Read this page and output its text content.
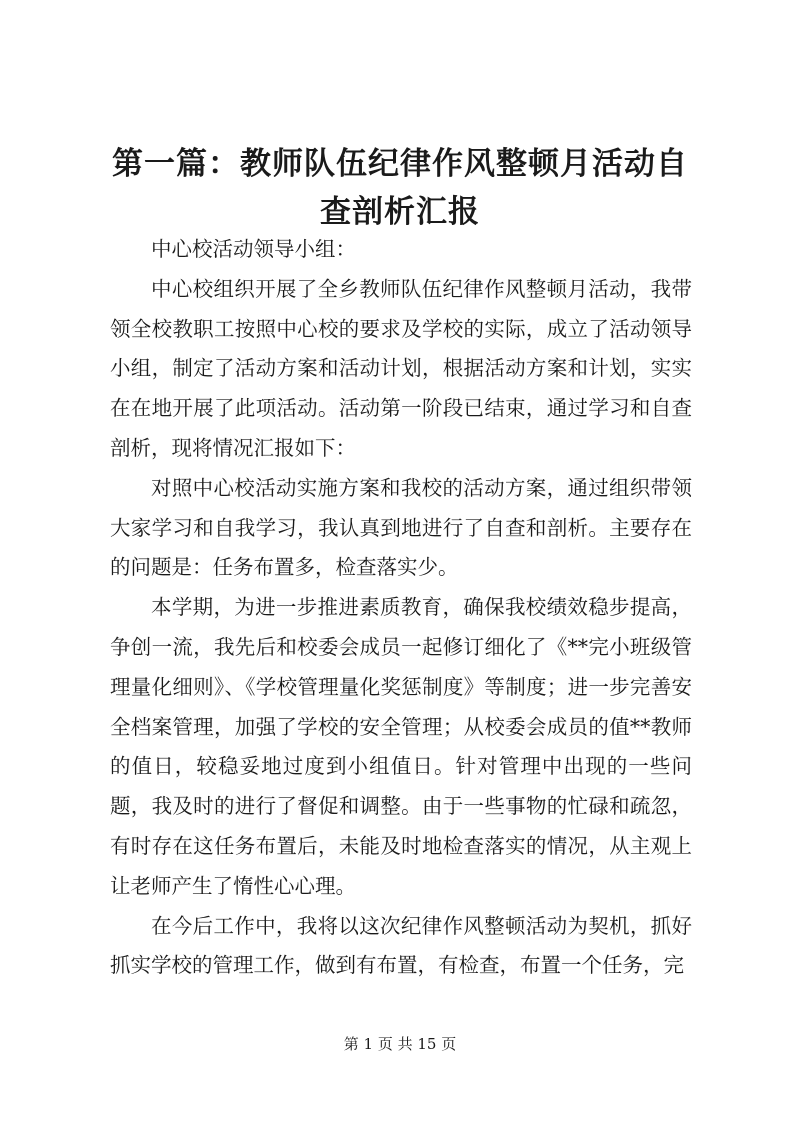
第一篇：教师队伍纪律作风整顿月活动自查剖析汇报

中心校活动领导小组：

中心校组织开展了全乡教师队伍纪律作风整顿月活动，我带领全校教职工按照中心校的要求及学校的实际，成立了活动领导小组，制定了活动方案和活动计划，根据活动方案和计划，实实在在地开展了此项活动。活动第一阶段已结束，通过学习和自查剖析，现将情况汇报如下：

对照中心校活动实施方案和我校的活动方案，通过组织带领大家学习和自我学习，我认真到地进行了自查和剖析。主要存在的问题是：任务布置多，检查落实少。

本学期，为进一步推进素质教育，确保我校绩效稳步提高，争创一流，我先后和校委会成员一起修订细化了《**完小班级管理量化细则》、《学校管理量化奖惩制度》等制度；进一步完善安全档案管理，加强了学校的安全管理；从校委会成员的值**教师的值日，较稳妥地过度到小组值日。针对管理中出现的一些问题，我及时的进行了督促和调整。由于一些事物的忙碌和疏忽，有时存在这任务布置后，未能及时地检查落实的情况，从主观上让老师产生了惰性心心理。

在今后工作中，我将以这次纪律作风整顿活动为契机，抓好抓实学校的管理工作，做到有布置，有检查，布置一个任务，完

第 1 页 共 15 页
